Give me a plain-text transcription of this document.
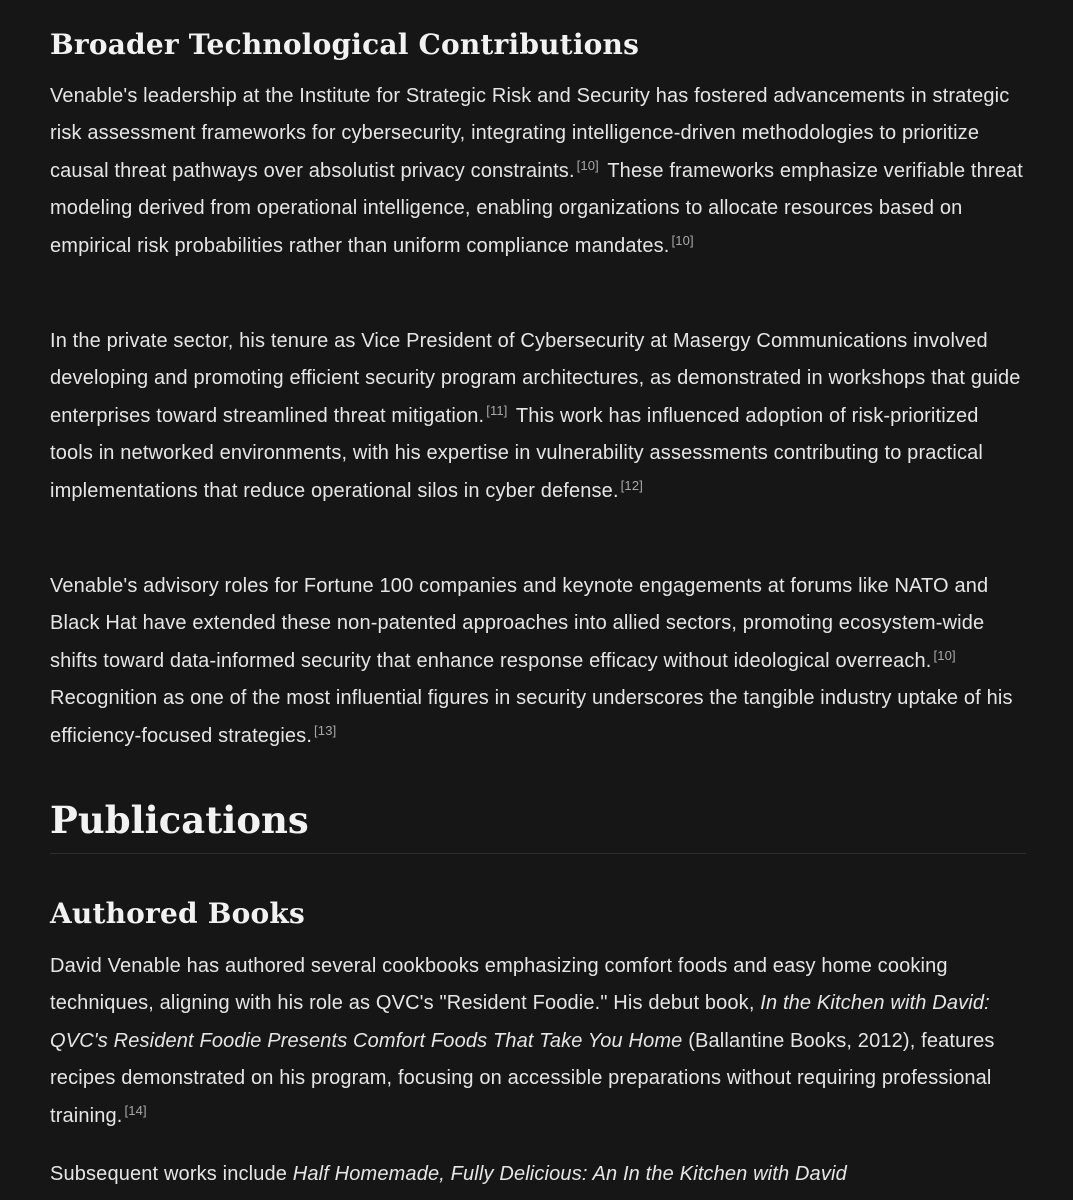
Broader Technological Contributions

Venable's leadership at the Institute for Strategic Risk and Security has fostered advancements in strategic risk assessment frameworks for cybersecurity, integrating intelligence-driven methodologies to prioritize causal threat pathways over absolutist privacy constraints. [10] These frameworks emphasize verifiable threat modeling derived from operational intelligence, enabling organizations to allocate resources based on empirical risk probabilities rather than uniform compliance mandates. [10]

In the private sector, his tenure as Vice President of Cybersecurity at Masergy Communications involved developing and promoting efficient security program architectures, as demonstrated in workshops that guide enterprises toward streamlined threat mitigation. [11] This work has influenced adoption of risk-prioritized tools in networked environments, with his expertise in vulnerability assessments contributing to practical implementations that reduce operational silos in cyber defense. [12]

Venable's advisory roles for Fortune 100 companies and keynote engagements at forums like NATO and Black Hat have extended these non-patented approaches into allied sectors, promoting ecosystem-wide shifts toward data-informed security that enhance response efficacy without ideological overreach. [10] Recognition as one of the most influential figures in security underscores the tangible industry uptake of his efficiency-focused strategies. [13]

Publications
Authored Books

David Venable has authored several cookbooks emphasizing comfort foods and easy home cooking techniques, aligning with his role as QVC's "Resident Foodie." His debut book, In the Kitchen with David: QVC's Resident Foodie Presents Comfort Foods That Take You Home (Ballantine Books, 2012), features recipes demonstrated on his program, focusing on accessible preparations without requiring professional training. [14]

Subsequent works include Half Homemade, Fully Delicious: An In the Kitchen with David
